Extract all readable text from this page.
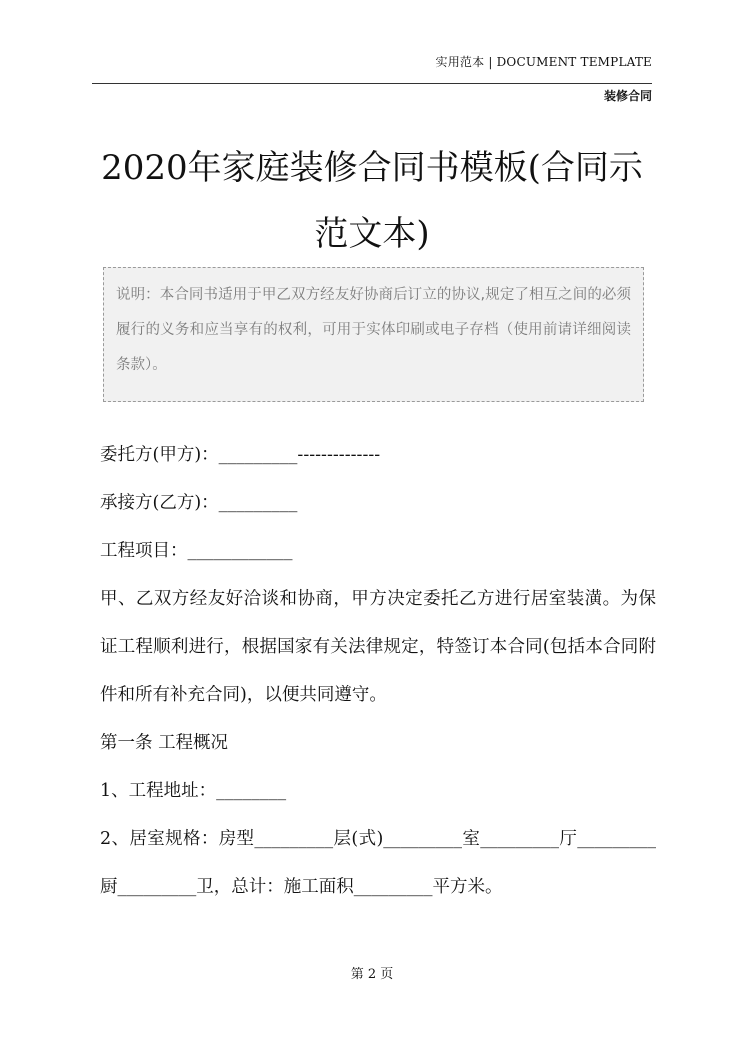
实用范本 | DOCUMENT TEMPLATE
装修合同
2020年家庭装修合同书模板(合同示范文本)
说明：本合同书适用于甲乙双方经友好协商后订立的协议,规定了相互之间的必须履行的义务和应当享有的权利，可用于实体印刷或电子存档（使用前请详细阅读条款）。
委托方(甲方)：_________--------------
承接方(乙方)：_________
工程项目：____________
甲、乙双方经友好洽谈和协商，甲方决定委托乙方进行居室装潢。为保证工程顺利进行，根据国家有关法律规定，特签订本合同(包括本合同附件和所有补充合同)，以便共同遵守。
第一条 工程概况
1、工程地址：________
2、居室规格：房型_________层(式)_________室_________厅_________厨_________卫，总计：施工面积_________平方米。
第 2 页
